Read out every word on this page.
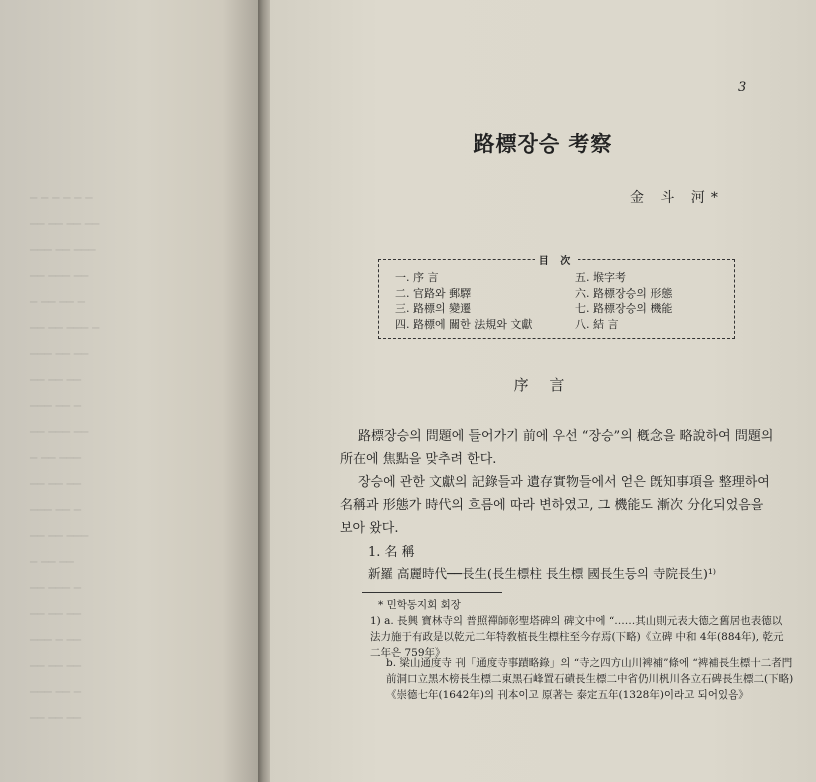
─ ─ ─ ─ ─ ─
── ── ── ──
─── ── ───
── ─── ──
─ ── ── ─
── ── ─── ─
─── ── ──
── ── ──
─── ── ─
── ─── ──
─ ── ───
── ── ──
─── ── ─
── ── ───
─ ── ──
── ─── ─
── ── ──
─── ─ ──
── ── ──
─── ── ─
── ── ──
3
路標장승 考察
金 斗 河*
目 次
一. 序 言
二. 官路와 郵驛
三. 路標의 變遷
四. 路標에 關한 法規와 文獻
五. 堠字考
六. 路標장승의 形態
七. 路標장승의 機能
八. 結 言
序 言

路標장승의 問題에 들어가기 前에 우선 “장승”의 槪念을 略說하여 問題의 所在에 焦點을 맞추려 한다.

장승에 관한 文獻의 記錄들과 遺存實物들에서 얻은 旣知事項을 整理하여 名稱과 形態가 時代의 흐름에 따라 변하였고, 그 機能도 漸次 分化되었음을 보아 왔다.

1. 名 稱
新羅 高麗時代──長生(長生標柱 長生標 國長生등의 寺院長生)¹⁾
* 민학동지회 회장
1) a. 長興 寶林寺의 普照禪師彰聖塔碑의 碑文中에 “……其山則元表大德之舊居也表德以法力施于有政是以乾元二年特敎植長生標柱至今存焉(下略)《立碑 中和 4年(884年), 乾元二年은 759年》
b. 梁山通度寺 刊「通度寺事蹟略錄」의 “寺之四方山川裨補”條에 “裨補長生標十二者門前洞口立黑木榜長生標二東黑石峰置石磧長生標二中省仍川杋川各立石碑長生標二(下略)《崇德七年(1642年)의 刊本이고 原著는 泰定五年(1328年)이라고 되어있음》
